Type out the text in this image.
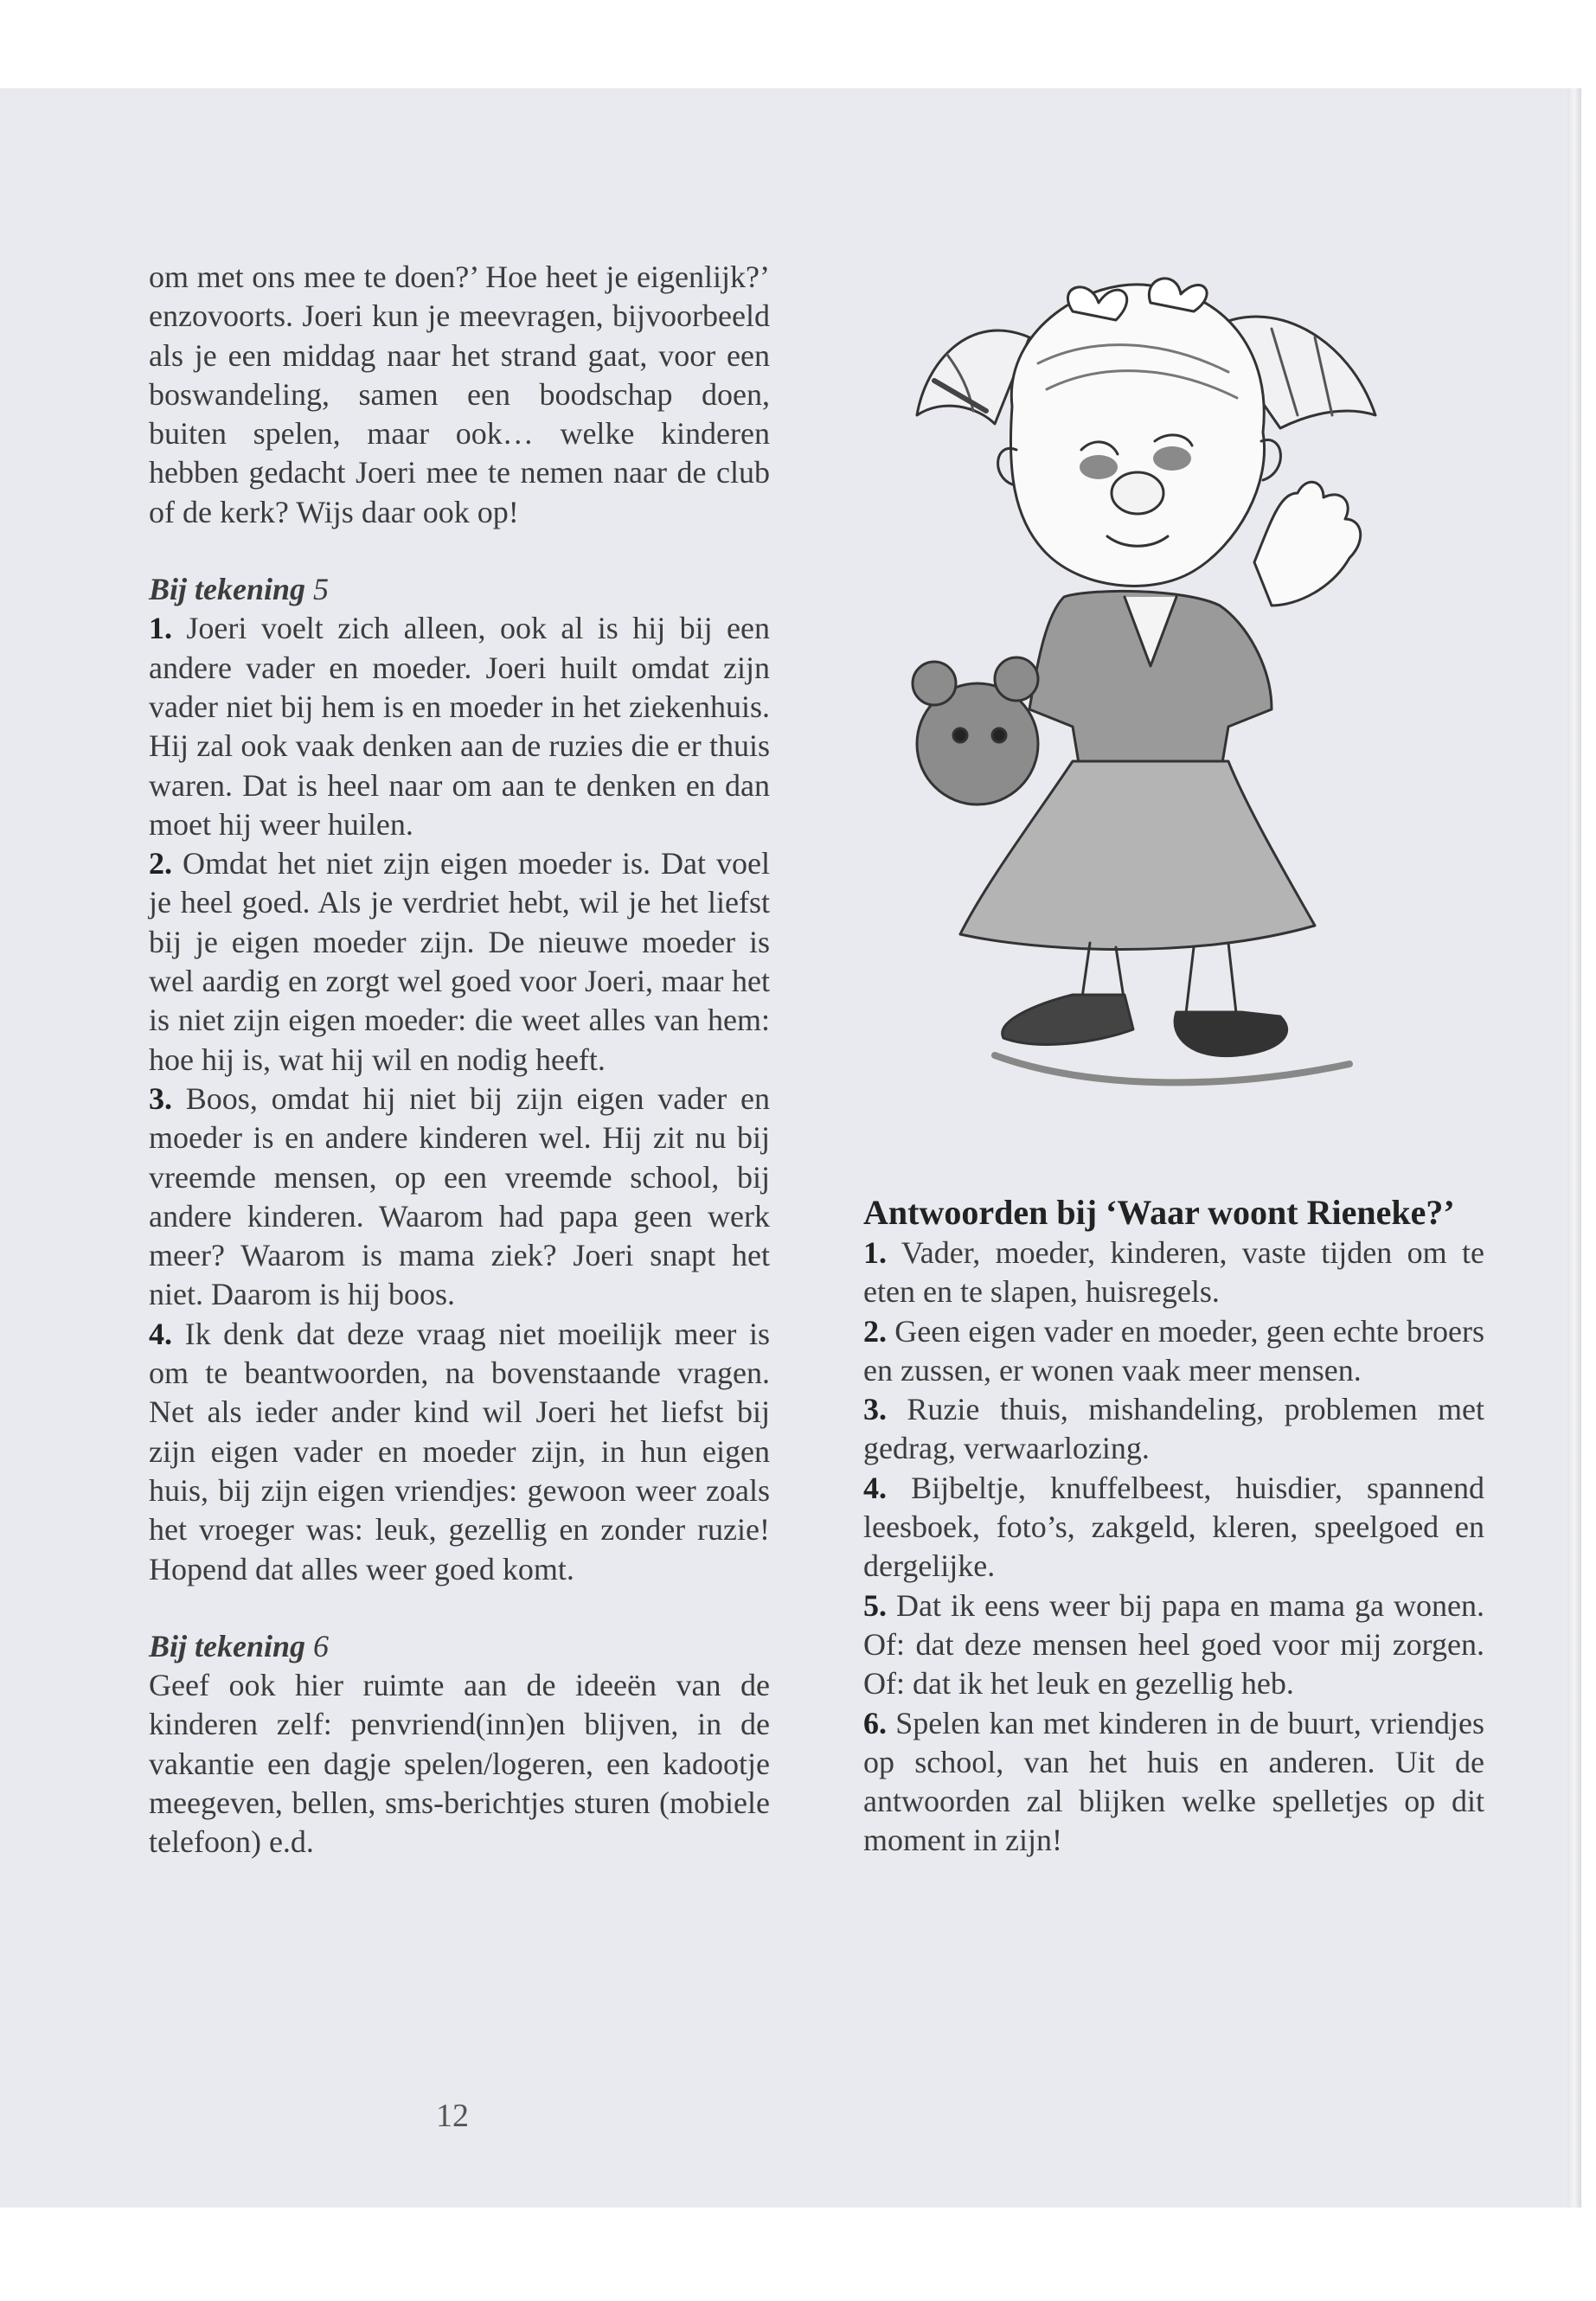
om met ons mee te doen?’ Hoe heet je eigenlijk?’ enzovoorts. Joeri kun je meevragen, bijvoorbeeld als je een middag naar het strand gaat, voor een boswandeling, samen een boodschap doen, buiten spelen, maar ook… welke kinderen hebben gedacht Joeri mee te nemen naar de club of de kerk? Wijs daar ook op!

Bij tekening 5

1. Joeri voelt zich alleen, ook al is hij bij een andere vader en moeder. Joeri huilt omdat zijn vader niet bij hem is en moeder in het ziekenhuis. Hij zal ook vaak denken aan de ruzies die er thuis waren. Dat is heel naar om aan te denken en dan moet hij weer huilen.

2. Omdat het niet zijn eigen moeder is. Dat voel je heel goed. Als je verdriet hebt, wil je het liefst bij je eigen moeder zijn. De nieuwe moeder is wel aardig en zorgt wel goed voor Joeri, maar het is niet zijn eigen moeder: die weet alles van hem: hoe hij is, wat hij wil en nodig heeft.

3. Boos, omdat hij niet bij zijn eigen vader en moeder is en andere kinderen wel. Hij zit nu bij vreemde mensen, op een vreemde school, bij andere kinderen. Waarom had papa geen werk meer? Waarom is mama ziek? Joeri snapt het niet. Daarom is hij boos.

4. Ik denk dat deze vraag niet moeilijk meer is om te beantwoorden, na bovenstaande vragen. Net als ieder ander kind wil Joeri het liefst bij zijn eigen vader en moeder zijn, in hun eigen huis, bij zijn eigen vriendjes: gewoon weer zoals het vroeger was: leuk, gezellig en zonder ruzie! Hopend dat alles weer goed komt.

Bij tekening 6

Geef ook hier ruimte aan de ideeën van de kinderen zelf: penvriend(inn)en blijven, in de vakantie een dagje spelen/logeren, een kadootje meegeven, bellen, sms-berichtjes sturen (mobiele telefoon) e.d.

Antwoorden bij ‘Waar woont Rieneke?’

1. Vader, moeder, kinderen, vaste tijden om te eten en te slapen, huisregels.

2. Geen eigen vader en moeder, geen echte broers en zussen, er wonen vaak meer mensen.

3. Ruzie thuis, mishandeling, problemen met gedrag, verwaarlozing.

4. Bijbeltje, knuffelbeest, huisdier, spannend leesboek, foto’s, zakgeld, kleren, speelgoed en dergelijke.

5. Dat ik eens weer bij papa en mama ga wonen. Of: dat deze mensen heel goed voor mij zorgen. Of: dat ik het leuk en gezellig heb.

6. Spelen kan met kinderen in de buurt, vriendjes op school, van het huis en anderen. Uit de antwoorden zal blijken welke spelletjes op dit moment in zijn!

12
